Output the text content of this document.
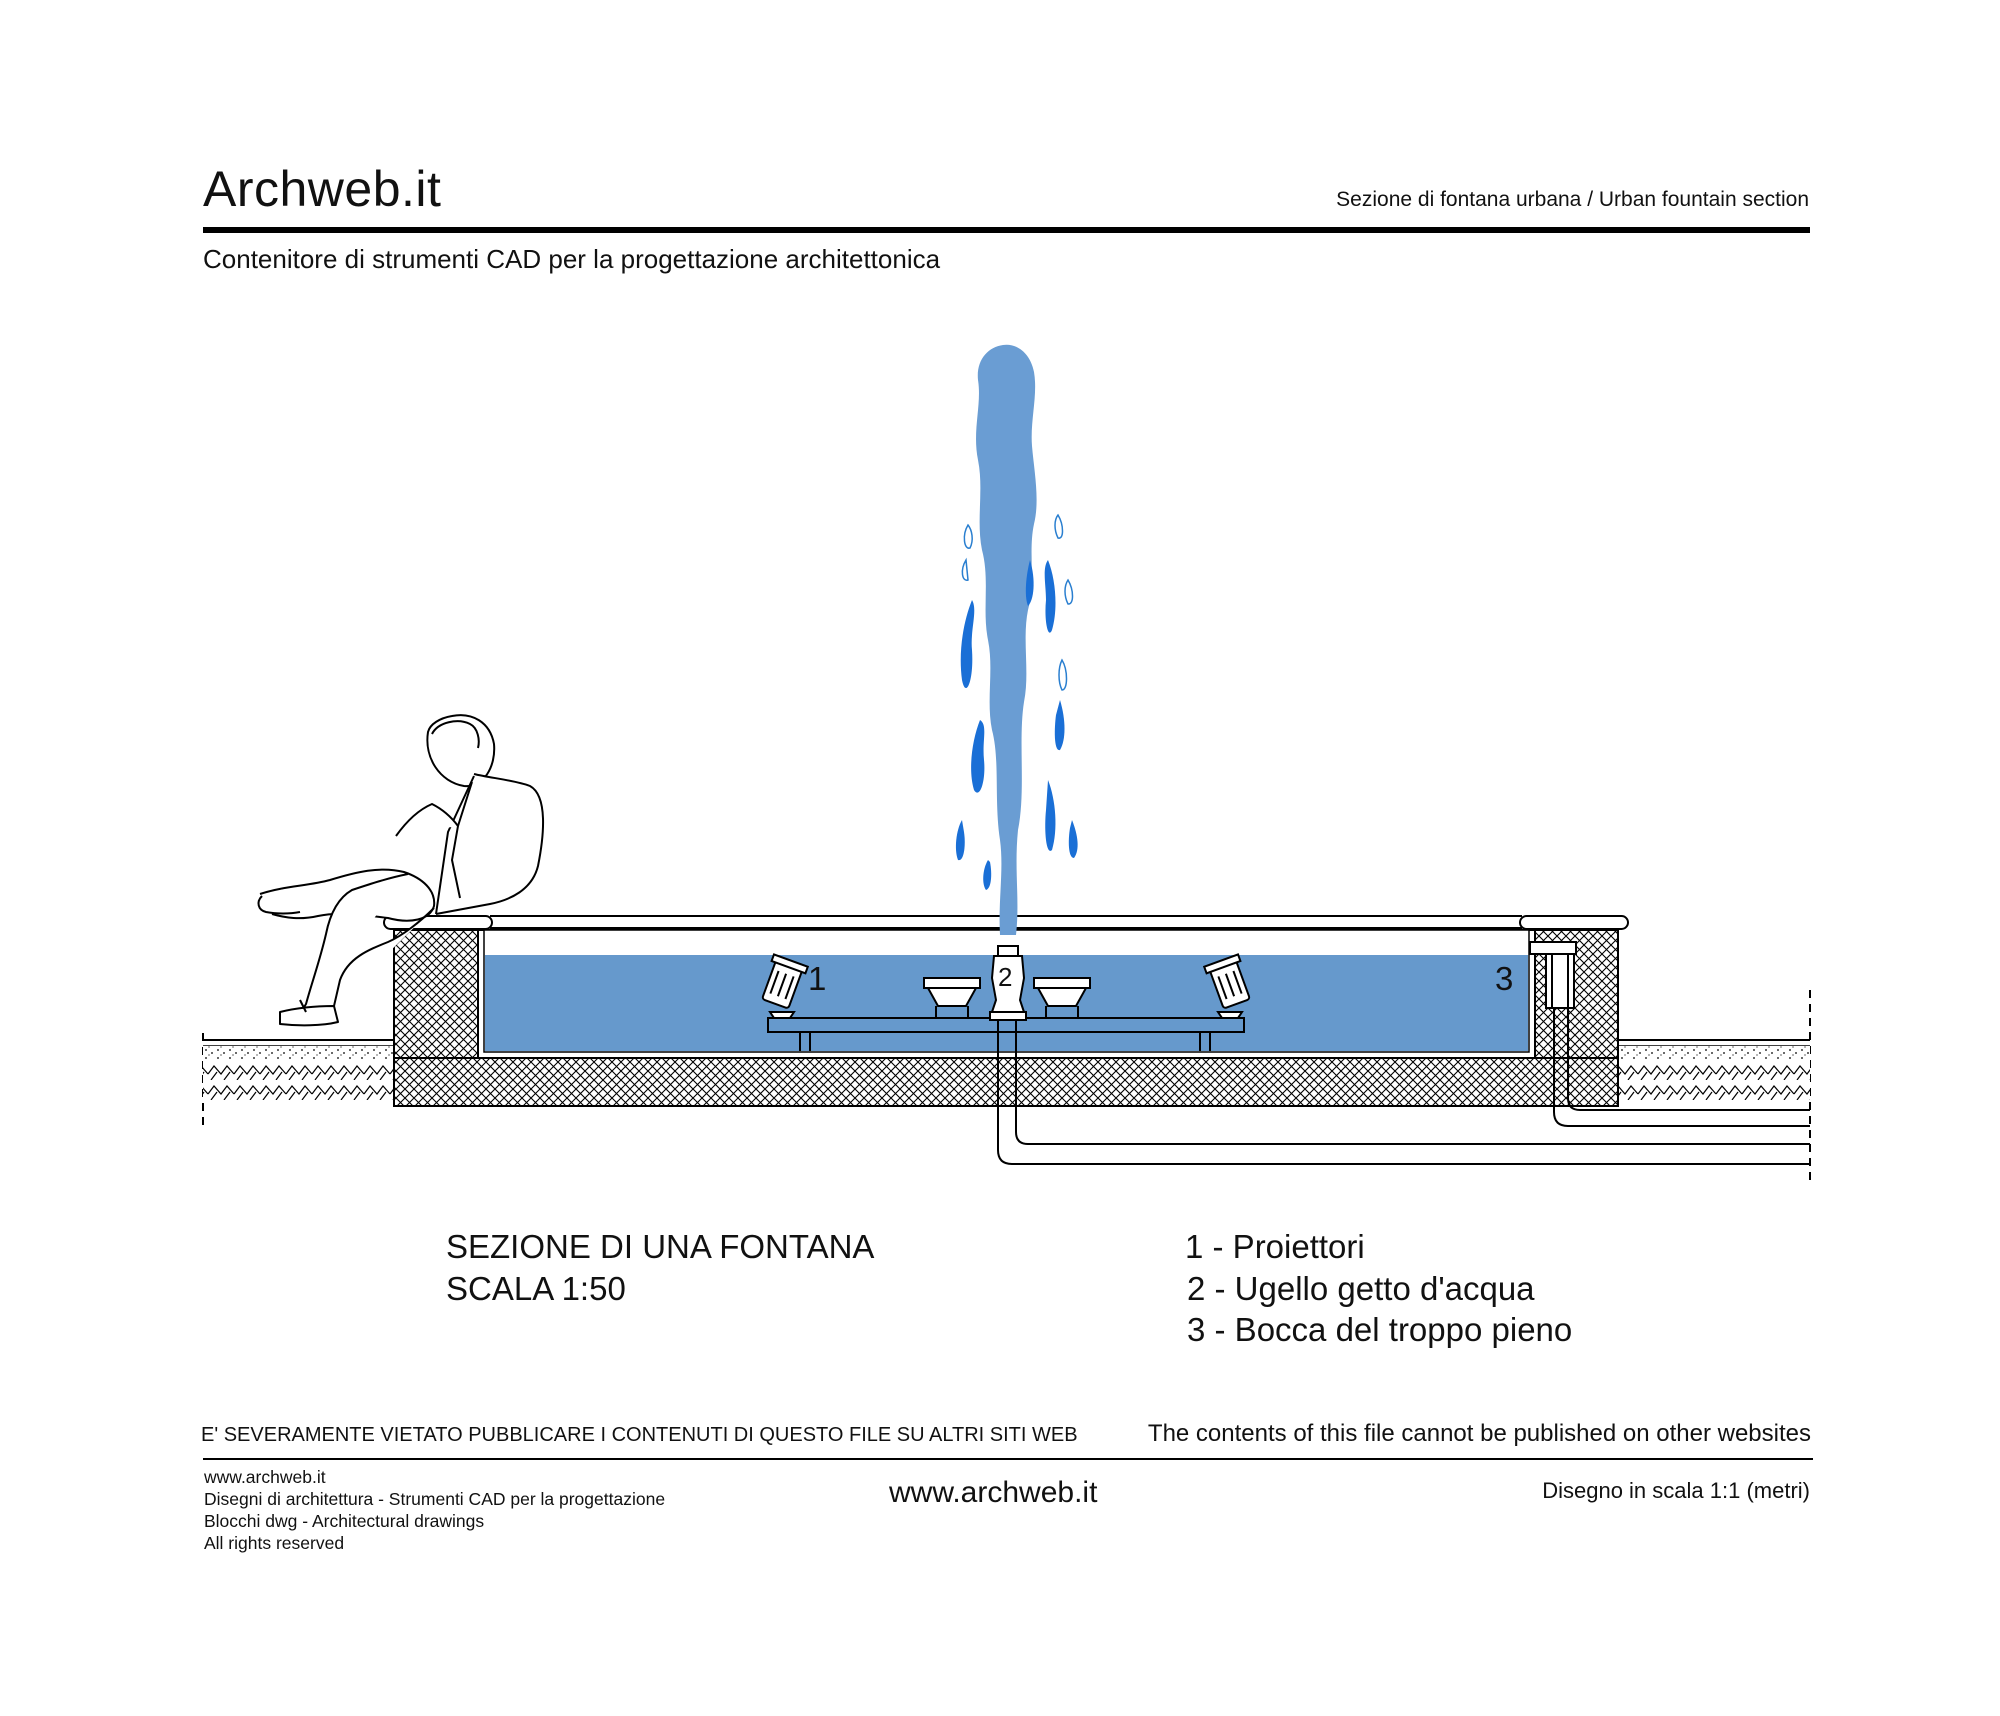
Archweb.it	Sezione di fontana urbana / Urban fountain section
Contenitore di strumenti CAD per la progettazione architettonica
1	2	3
SEZIONE DI UNA FONTANA
SCALA 1:50
1 - Proiettori
2 - Ugello getto d'acqua
3 - Bocca del troppo pieno
E' SEVERAMENTE VIETATO PUBBLICARE I CONTENUTI DI QUESTO FILE SU ALTRI SITI WEB	The contents of this file cannot be published on other websites
www.archweb.it
Disegni di architettura - Strumenti CAD per la progettazione
Blocchi dwg - Architectural drawings
All rights reserved
www.archweb.it	Disegno in scala 1:1 (metri)
